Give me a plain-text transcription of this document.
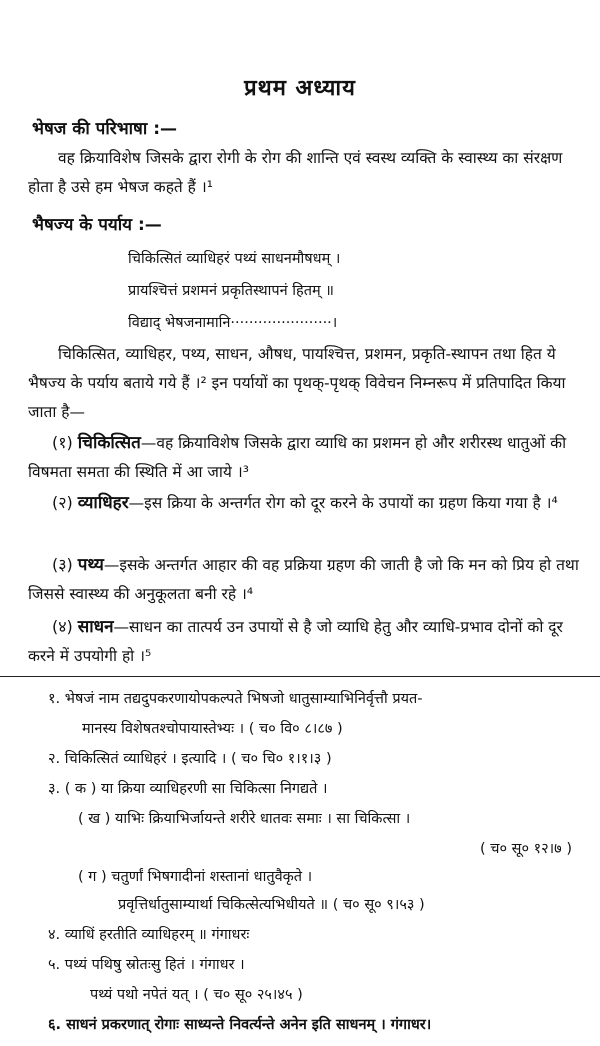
प्रथम अध्याय
भेषज की परिभाषा :—
वह क्रियाविशेष जिसके द्वारा रोगी के रोग की शान्ति एवं स्वस्थ व्यक्ति के स्वास्थ्य का संरक्षण होता है उसे हम भेषज कहते हैं ।¹
भैषज्य के पर्याय :—
चिकित्सितं व्याधिहरं पथ्यं साधनमौषधम् ।
प्रायश्चित्तं प्रशमनं प्रकृतिस्थापनं हितम् ॥
विद्याद् भेषजनामानि······················।
चिकित्सित, व्याधिहर, पथ्य, साधन, औषध, पायश्चित्त, प्रशमन, प्रकृति-स्थापन तथा हित ये भैषज्य के पर्याय बताये गये हैं ।² इन पर्यायों का पृथक्-पृथक् विवेचन निम्नरूप में प्रतिपादित किया जाता है—
(१) चिकित्सित—वह क्रियाविशेष जिसके द्वारा व्याधि का प्रशमन हो और शरीरस्थ धातुओं की विषमता समता की स्थिति में आ जाये ।³
(२) व्याधिहर—इस क्रिया के अन्तर्गत रोग को दूर करने के उपायों का ग्रहण किया गया है ।⁴
(३) पथ्य—इसके अन्तर्गत आहार की वह प्रक्रिया ग्रहण की जाती है जो कि मन को प्रिय हो तथा जिससे स्वास्थ्य की अनुकूलता बनी रहे ।⁴
(४) साधन—साधन का तात्पर्य उन उपायों से है जो व्याधि हेतु और व्याधि-प्रभाव दोनों को दूर करने में उपयोगी हो ।⁵
१. भेषजं नाम तद्यदुपकरणायोपकल्पते भिषजो धातुसाम्याभिनिर्वृत्तौ प्रयत-
मानस्य विशेषतश्चोपायास्तेभ्यः । ( च० वि० ८।८७ )
२. चिकित्सितं व्याधिहरं । इत्यादि । ( च० चि० १।१।३ )
३. ( क ) या क्रिया व्याधिहरणी सा चिकित्सा निगद्यते ।
( ख ) याभिः क्रियाभिर्जायन्ते शरीरे धातवः समाः । सा चिकित्सा ।
( च० सू० १२।७ )
( ग ) चतुर्णां भिषगादीनां शस्तानां धातुवैकृते ।
प्रवृत्तिर्धातुसाम्यार्था चिकित्सेत्यभिधीयते ॥ ( च० सू० ९।५३ )
४. व्याधिं हरतीति व्याधिहरम् ॥ गंगाधरः
५. पथ्यं पथिषु स्रोतःसु हितं । गंगाधर ।
पथ्यं पथो नपेतं यत् । ( च० सू० २५।४५ )
६. साधनं प्रकरणात् रोगाः साध्यन्ते निवर्त्यन्ते अनेन इति साधनम् । गंगाधर।
